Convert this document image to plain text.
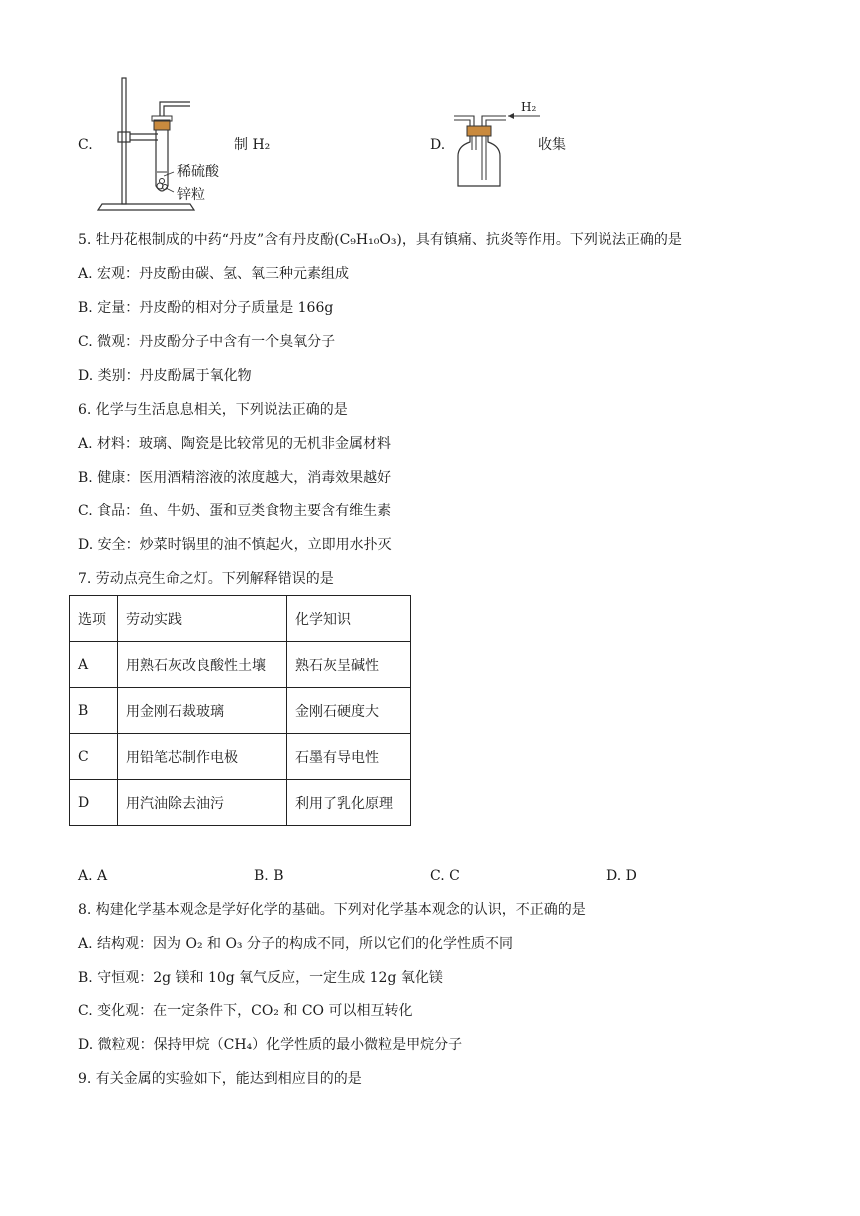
C.
稀硫酸
锌粒
制 H₂	D.
H₂
收集
5. 牡丹花根制成的中药“丹皮”含有丹皮酚(C₉H₁₀O₃)，具有镇痛、抗炎等作用。下列说法正确的是
A. 宏观：丹皮酚由碳、氢、氧三种元素组成
B. 定量：丹皮酚的相对分子质量是 166g
C. 微观：丹皮酚分子中含有一个臭氧分子
D. 类别：丹皮酚属于氧化物
6. 化学与生活息息相关，下列说法正确的是
A. 材料：玻璃、陶瓷是比较常见的无机非金属材料
B. 健康：医用酒精溶液的浓度越大，消毒效果越好
C. 食品：鱼、牛奶、蛋和豆类食物主要含有维生素
D. 安全：炒菜时锅里的油不慎起火，立即用水扑灭
7. 劳动点亮生命之灯。下列解释错误的是
选项	劳动实践	化学知识
A	用熟石灰改良酸性土壤	熟石灰呈碱性
B	用金刚石裁玻璃	金刚石硬度大
C	用铅笔芯制作电极	石墨有导电性
D	用汽油除去油污	利用了乳化原理
A. A	B. B	C. C	D. D
8. 构建化学基本观念是学好化学的基础。下列对化学基本观念的认识，不正确的是
A. 结构观：因为 O₂ 和 O₃ 分子的构成不同，所以它们的化学性质不同
B. 守恒观：2g 镁和 10g 氧气反应，一定生成 12g 氧化镁
C. 变化观：在一定条件下，CO₂ 和 CO 可以相互转化
D. 微粒观：保持甲烷（CH₄）化学性质的最小微粒是甲烷分子
9. 有关金属的实验如下，能达到相应目的的是
